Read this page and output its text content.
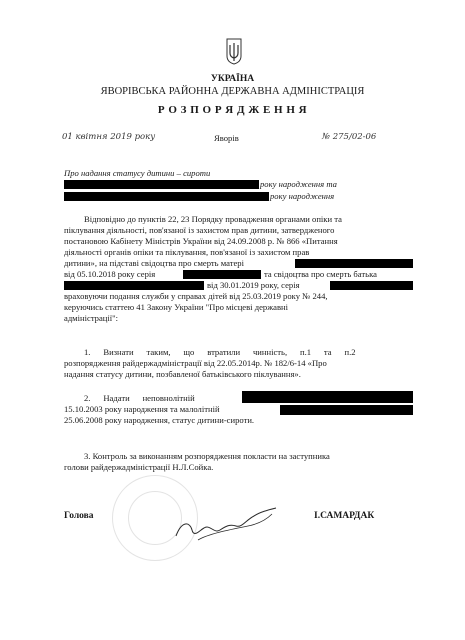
УКРАЇНА
ЯВОРІВСЬКА РАЙОННА ДЕРЖАВНА АДМІНІСТРАЦІЯ
Р О З П О Р Я Д Ж Е Н Н Я
01 квітня 2019 року	Яворів	№ 275/02-06
Про надання статусу дитини – сироти
року народження та
року народження
Відповідно до пунктів 22, 23 Порядку провадження органами опіки та
піклування діяльності, пов'язаної із захистом прав дитини, затвердженого
постановою Кабінету Міністрів України від 24.09.2008 р. № 866 «Питання
діяльності органів опіки та піклування, пов'язаної із захистом прав
дитини», на підставі свідоцтва про смерть матері
від 05.10.2018 року серія	та свідоцтва про смерть батька
від 30.01.2019 року, серія
враховуючи подання служби у справах дітей від 25.03.2019 року № 244,
керуючись статтею 41 Закону України "Про місцеві державні
адміністрації":
1.      Визнати      таким,      що      втратили      чинність,      п.1      та      п.2
розпорядження райдержадміністрації від 22.05.2014р. № 182/6-14 «Про
надання статусу дитини, позбавленої батьківського піклування».
2.      Надати      неповнолітній
15.10.2003 року народження та малолітній
25.06.2008 року народження, статус дитини-сироти.
3. Контроль за виконанням розпорядження покласти на заступника
голови райдержадміністрації Н.Л.Сойка.
Голова	І.САМАРДАК
